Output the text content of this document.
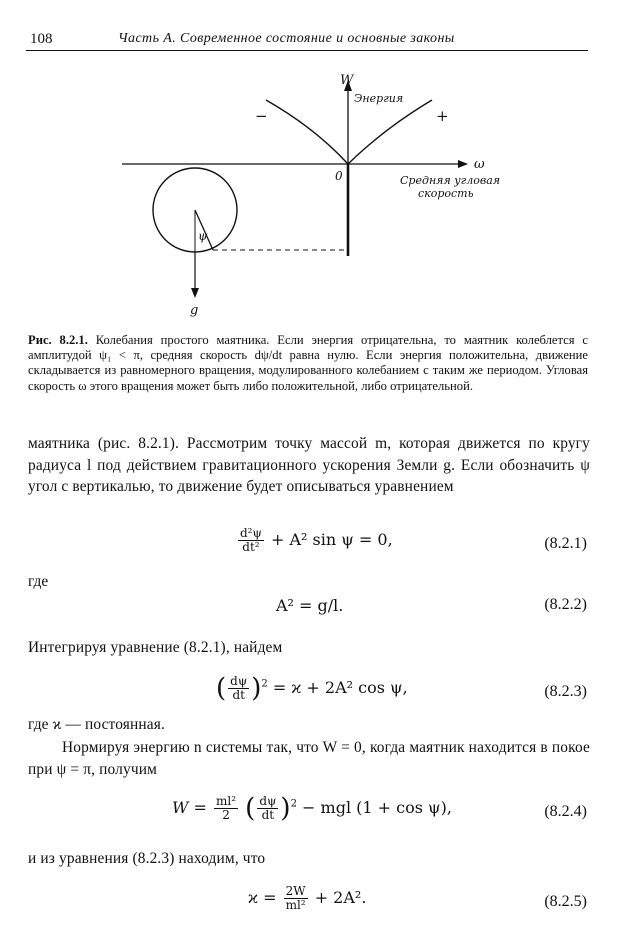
108	Часть А. Современное состояние и основные законы
W
Энергия
−	+
ω
0	Средняя угловая
скорость
ψ
g
Рис. 8.2.1. Колебания простого маятника. Если энергия отрицательна, то маятник колеблется с амплитудой ψ₁ < π, средняя скорость dψ/dt равна нулю. Если энергия положительна, движение складывается из равномерного вращения, модулированного колебанием с таким же периодом. Угловая скорость ω этого вращения может быть либо положительной, либо отрицательной.
маятника (рис. 8.2.1). Рассмотрим точку массой m, которая движется по кругу радиуса l под действием гравитационного ускорения Земли g. Если обозначить ψ угол с вертикалью, то движение будет описываться уравнением
$\frac{\text{d²ψ}}{\text{dt²}} + A^2$ sin ψ = 0,	(8.2.1)
где
A² = g/l.	(8.2.2)
Интегрируя уравнение (8.2.1), найдем
( $\frac{d\psi}{dt} )^2 = ϰ + 2A^2$ cos ψ,	(8.2.3)
где ϰ — постоянная.
Нормируя энергию n системы так, что W = 0, когда маятник находится в покое при ψ = π, получим
$W = \frac{\text{ml²}}{2}$ ( $\frac{d\psi}{dt} )^2$ − mgl (1 + cos ψ),	(8.2.4)
и из уравнения (8.2.3) находим, что
$ϰ = \frac{2W}{\text{ml²}} + 2A^2$.	(8.2.5)
